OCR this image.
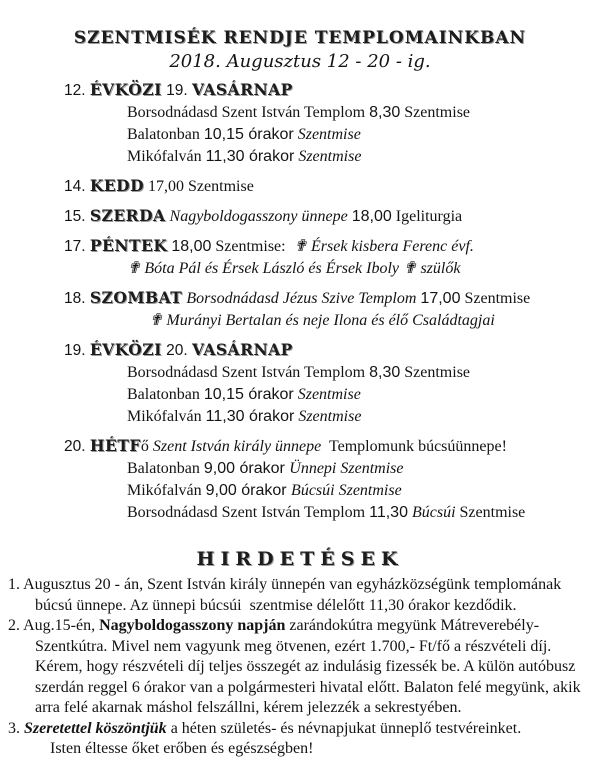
SZENTMISÉK RENDJE TEMPLOMAINKBAN
2018. Augusztus 12 - 20 - ig.
12. ÉVKÖZI 19. VASÁRNAP
Borsodnádasd Szent István Templom 8,30 Szentmise
Balatonban 10,15 órakor Szentmise
Mikófalván 11,30 órakor Szentmise
14. KEDD 17,00 Szentmise
15. SZERDA Nagyboldogasszony ünnepe 18,00 Igeliturgia
17. PÉNTEK 18,00 Szentmise:  ✟ Érsek kisbera Ferenc évf.
✟ Bóta Pál és Érsek László és Érsek Iboly ✟ szülők
18. SZOMBAT Borsodnádasd Jézus Szive Templom 17,00 Szentmise
✟ Murányi Bertalan és neje Ilona és élő Családtagjai
19. ÉVKÖZI 20. VASÁRNAP
Borsodnádasd Szent István Templom 8,30 Szentmise
Balatonban 10,15 órakor Szentmise
Mikófalván 11,30 órakor Szentmise
20. HÉTFő Szent István király ünnepe  Templomunk búcsúünnepe!
Balatonban 9,00 órakor Ünnepi Szentmise
Mikófalván 9,00 órakor Búcsúi Szentmise
Borsodnádasd Szent István Templom 11,30 Búcsúi Szentmise
HIRDETÉSEK
1. Augusztus 20 - án, Szent István király ünnepén van egyházközségünk templomának
búcsú ünnepe. Az ünnepi búcsúi  szentmise délelőtt 11,30 órakor kezdődik.
2. Aug.15-én, Nagyboldogasszony napján zarándokútra megyünk Mátreverebély-
Szentkútra. Mivel nem vagyunk meg ötvenen, ezért 1.700,- Ft/fő a részvételi díj.
Kérem, hogy részvételi díj teljes összegét az indulásig fizessék be. A külön autóbusz
szerdán reggel 6 órakor van a polgármesteri hivatal előtt. Balaton felé megyünk, akik
arra felé akarnak máshol felszállni, kérem jelezzék a sekrestyében.
3. Szeretettel köszöntjük a héten születés- és névnapjukat ünneplő testvéreinket.
Isten éltesse őket erőben és egészségben!
